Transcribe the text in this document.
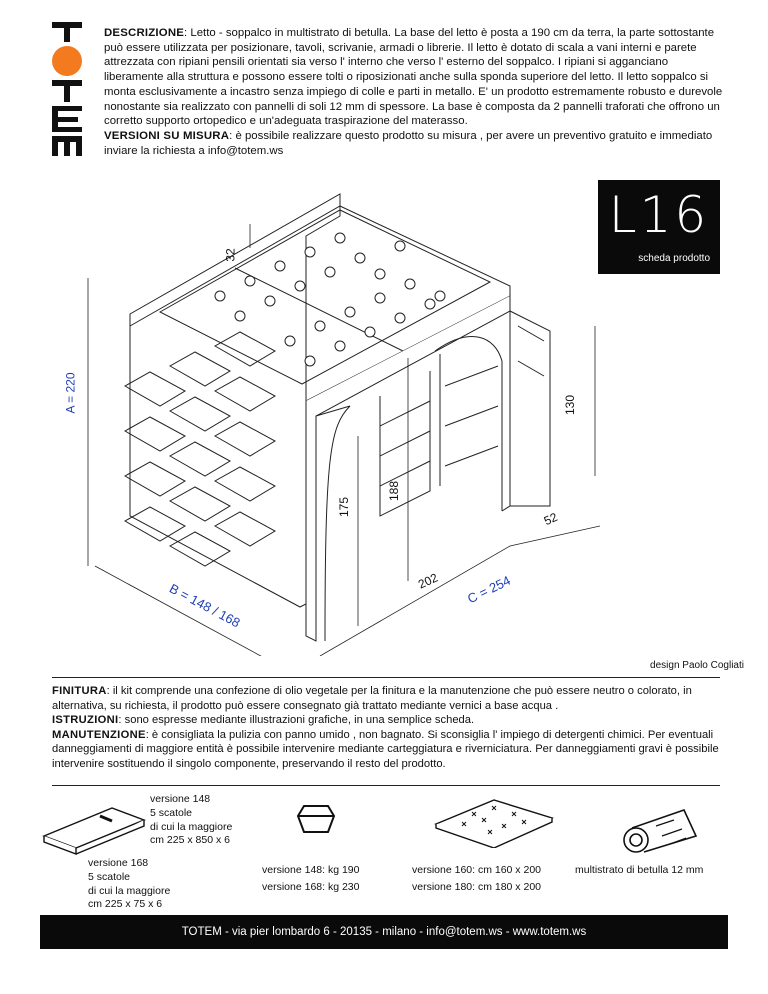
DESCRIZIONE: Letto - soppalco in multistrato di betulla. La base del letto è posta a 190 cm da terra, la parte sottostante può essere utilizzata per posizionare, tavoli, scrivanie, armadi o librerie. Il letto è dotato di scala a vani interni e parete attrezzata con ripiani pensili orientati sia verso l' interno che verso l' esterno del soppalco. I ripiani si agganciano liberamente alla struttura e possono essere tolti o riposizionati anche sulla sponda superiore del letto. Il letto soppalco si monta esclusivamente a incastro senza impiego di colle e parti in metallo. E' un prodotto estremamente robusto e durevole nonostante sia realizzato con pannelli di soli 12 mm di spessore. La base è composta da 2 pannelli traforati che offrono un corretto supporto ortopedico e un'adeguata traspirazione del materasso.
VERSIONI SU MISURA: è possibile realizzare questo prodotto su misura , per avere un preventivo gratuito e immediato inviare la richiesta a info@totem.ws
L16
scheda prodotto
32
A = 220
175
188
130
52
202
B = 148 / 168	C = 254
design Paolo Cogliati
FINITURA: il kit comprende una confezione di olio vegetale per la finitura e la manutenzione che può essere neutro o colorato, in alternativa, su richiesta, il prodotto può essere consegnato già trattato mediante vernici a base acqua .
ISTRUZIONI: sono espresse mediante illustrazioni grafiche, in una semplice scheda.
MANUTENZIONE: è consigliata la pulizia con panno umido , non bagnato. Si sconsiglia l' impiego di detergenti chimici. Per eventuali danneggiamenti di maggiore entità è possibile intervenire mediante carteggiatura e riverniciatura. Per danneggiamenti gravi è possibile intervenire sostituendo il singolo componente, preservando il resto del prodotto.
versione 148
5 scatole
di cui la maggiore
cm 225 x 850 x 6
versione 168
5 scatole
di cui la maggiore
cm 225 x 75 x 6
versione 148: kg 190
versione 168: kg 230
versione 160: cm 160 x 200
versione 180: cm 180 x 200
multistrato di betulla 12 mm
TOTEM - via pier lombardo 6 - 20135 - milano - info@totem.ws - www.totem.ws
